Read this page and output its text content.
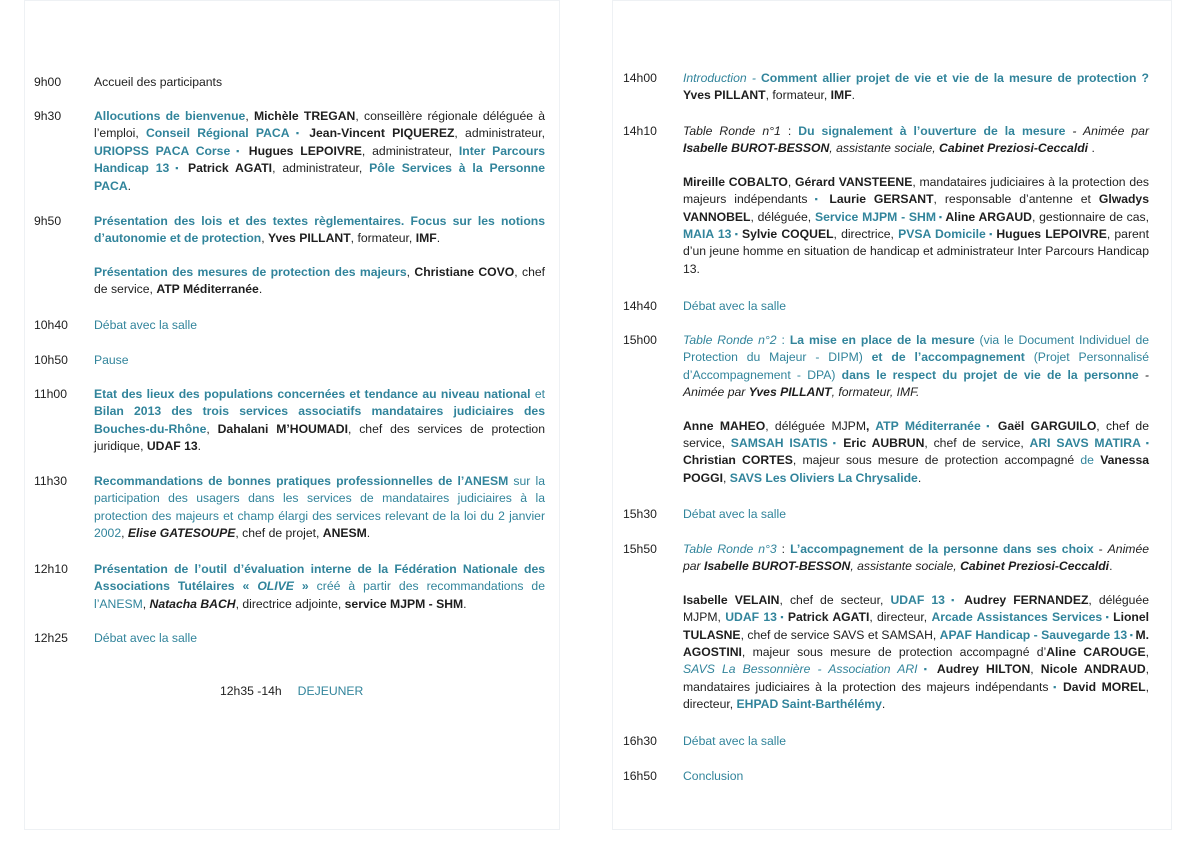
9h00	Accueil des participants

9h30	Allocutions de bienvenue, Michèle TREGAN, conseillère régionale déléguée à l’emploi, Conseil Régional PACA ▪ Jean-Vincent PIQUEREZ, administrateur, URIOPSS PACA Corse ▪ Hugues LEPOIVRE, administrateur, Inter Parcours Handicap 13 ▪ Patrick AGATI, administrateur, Pôle Services à la Personne PACA.

9h50	Présentation des lois et des textes règlementaires. Focus sur les notions d’autonomie et de protection, Yves PILLANT, formateur, IMF.

Présentation des mesures de protection des majeurs, Christiane COVO, chef de service, ATP Méditerranée.

10h40 Débat avec la salle

10h50 Pause

11h00 Etat des lieux des populations concernées et tendance au niveau national et Bilan 2013 des trois services associatifs mandataires judiciaires des Bouches-du-Rhône, Dahalani M’HOUMADI, chef des services de protection juridique, UDAF 13.

11h30 Recommandations de bonnes pratiques professionnelles de l’ANESM sur la participation des usagers dans les services de mandataires judiciaires à la protection des majeurs et champ élargi des services relevant de la loi du 2 janvier 2002, Elise GATESOUPE, chef de projet, ANESM.

12h10 Présentation de l’outil d’évaluation interne de la Fédération Nationale des Associations Tutélaires « OLIVE » créé à partir des recommandations de l’ANESM, Natacha BACH, directrice adjointe, service MJPM - SHM.

12h25 Débat avec la salle

12h35 -14h DEJEUNER
14h00 Introduction - Comment allier projet de vie et vie de la mesure de protection ? Yves PILLANT, formateur, IMF.

14h10 Table Ronde n°1 : Du signalement à l’ouverture de la mesure - Animée par Isabelle BUROT-BESSON, assistante sociale, Cabinet Preziosi-Ceccaldi .

Mireille COBALTO, Gérard VANSTEENE, mandataires judiciaires à la protection des majeurs indépendants ▪ Laurie GERSANT, responsable d’antenne et Glwadys VANNOBEL, déléguée, Service MJPM - SHM ▪ Aline ARGAUD, gestionnaire de cas, MAIA 13 ▪ Sylvie COQUEL, directrice, PVSA Domicile ▪ Hugues LEPOIVRE, parent d’un jeune homme en situation de handicap et administrateur Inter Parcours Handicap 13.

14h40 Débat avec la salle

15h00 Table Ronde n°2 : La mise en place de la mesure (via le Document Individuel de Protection du Majeur - DIPM) et de l’accompagnement (Projet Personnalisé d’Accompagnement - DPA) dans le respect du projet de vie de la personne - Animée par Yves PILLANT, formateur, IMF.

Anne MAHEO, déléguée MJPM, ATP Méditerranée ▪ Gaël GARGUILO, chef de service, SAMSAH ISATIS ▪ Eric AUBRUN, chef de service, ARI SAVS MATIRA ▪ Christian CORTES, majeur sous mesure de protection accompagné de Vanessa POGGI, SAVS Les Oliviers La Chrysalide.

15h30 Débat avec la salle

15h50 Table Ronde n°3 : L’accompagnement de la personne dans ses choix - Animée par Isabelle BUROT-BESSON, assistante sociale, Cabinet Preziosi-Ceccaldi.

Isabelle VELAIN, chef de secteur, UDAF 13 ▪ Audrey FERNANDEZ, déléguée MJPM, UDAF 13 ▪ Patrick AGATI, directeur, Arcade Assistances Services ▪ Lionel TULASNE, chef de service SAVS et SAMSAH, APAF Handicap - Sauvegarde 13 ▪ M. AGOSTINI, majeur sous mesure de protection accompagné d’Aline CAROUGE, SAVS La Bessonnière - Association ARI ▪ Audrey HILTON, Nicole ANDRAUD, mandataires judiciaires à la protection des majeurs indépendants ▪ David MOREL, directeur, EHPAD Saint-Barthélémy.

16h30 Débat avec la salle

16h50 Conclusion
